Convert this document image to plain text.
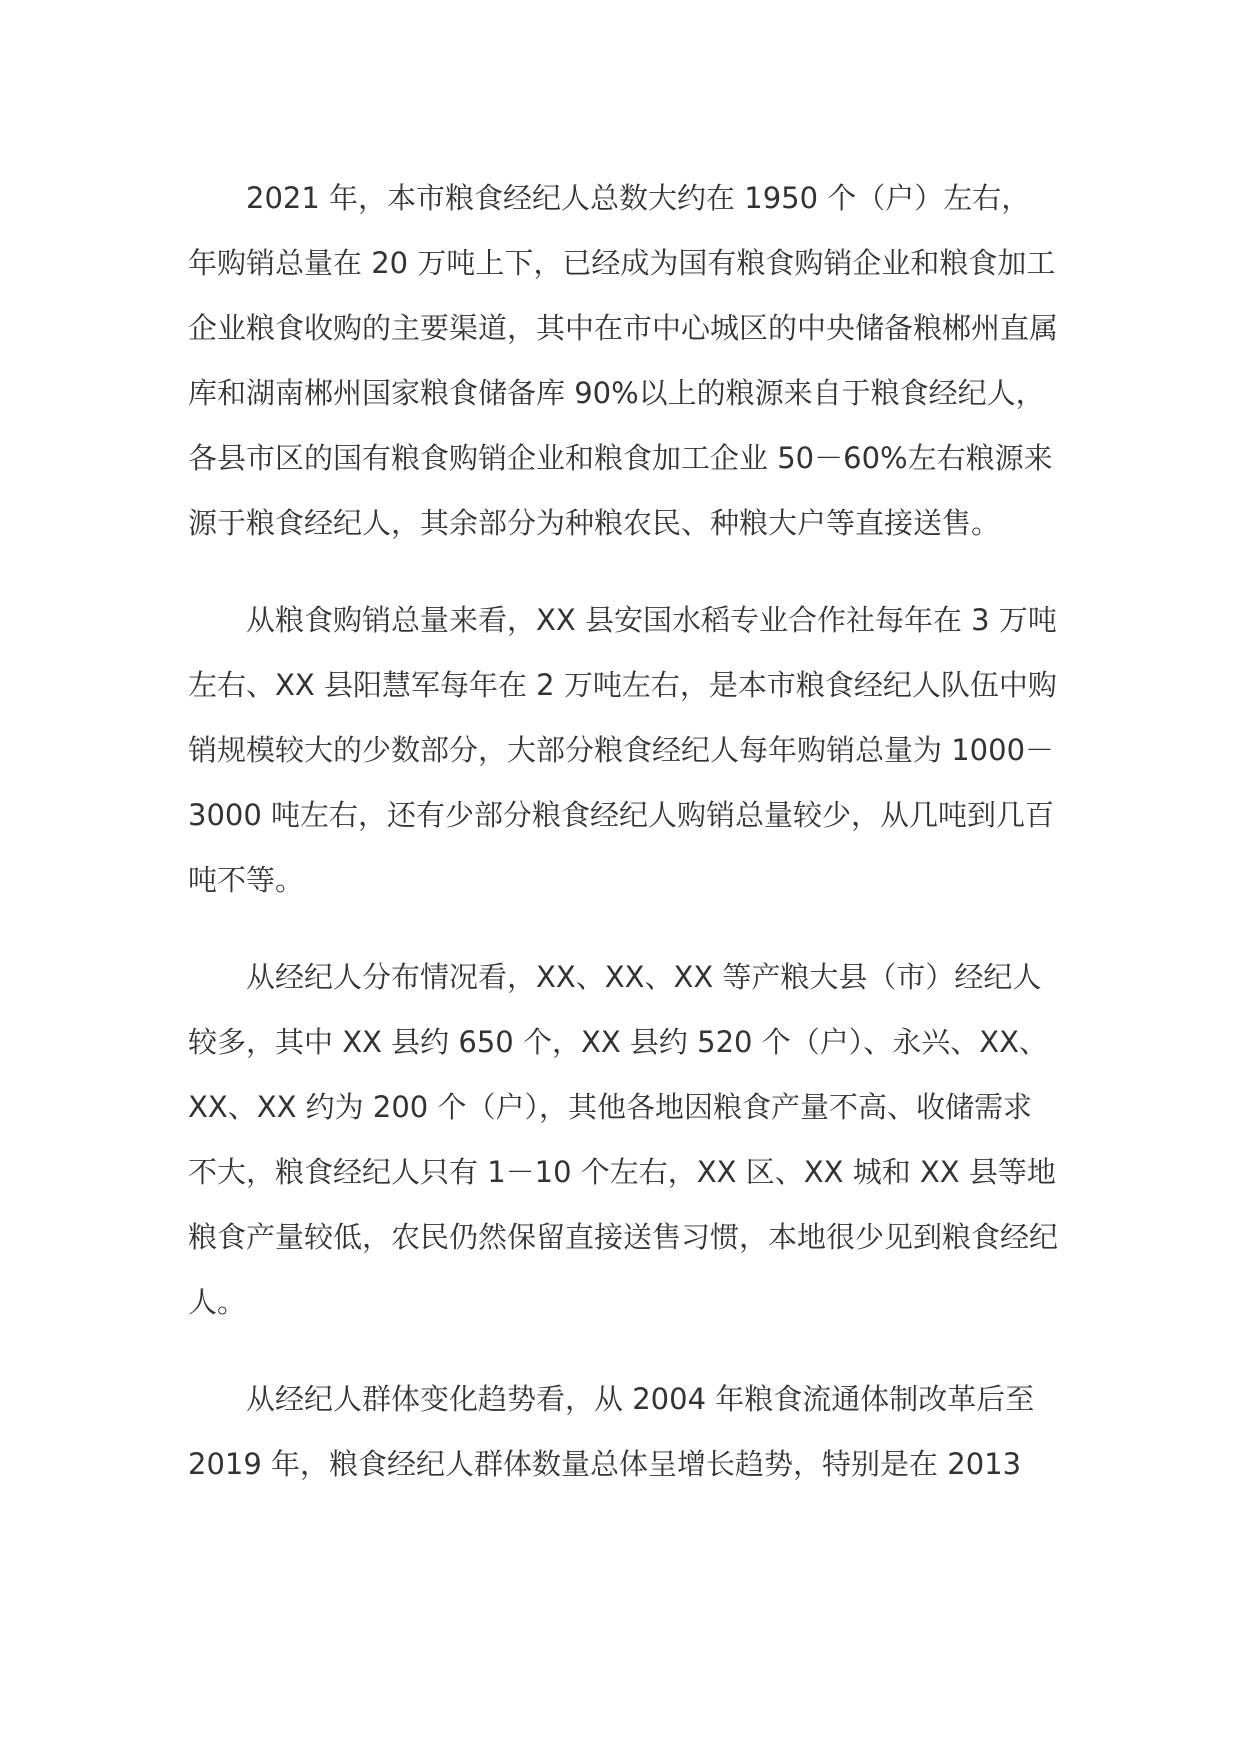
2021 年，本市粮食经纪人总数大约在 1950 个（户）左右，年购销总量在 20 万吨上下，已经成为国有粮食购销企业和粮食加工企业粮食收购的主要渠道，其中在市中心城区的中央储备粮郴州直属库和湖南郴州国家粮食储备库 90%以上的粮源来自于粮食经纪人，各县市区的国有粮食购销企业和粮食加工企业 50－60%左右粮源来源于粮食经纪人，其余部分为种粮农民、种粮大户等直接送售。

从粮食购销总量来看，XX 县安国水稻专业合作社每年在 3 万吨左右、XX 县阳慧军每年在 2 万吨左右，是本市粮食经纪人队伍中购销规模较大的少数部分，大部分粮食经纪人每年购销总量为 1000－3000 吨左右，还有少部分粮食经纪人购销总量较少，从几吨到几百吨不等。

从经纪人分布情况看，XX、XX、XX 等产粮大县（市）经纪人较多，其中 XX 县约 650 个，XX 县约 520 个（户）、永兴、XX、XX、XX 约为 200 个（户），其他各地因粮食产量不高、收储需求不大，粮食经纪人只有 1－10 个左右，XX 区、XX 城和 XX 县等地粮食产量较低，农民仍然保留直接送售习惯，本地很少见到粮食经纪人。

从经纪人群体变化趋势看，从 2004 年粮食流通体制改革后至 2019 年，粮食经纪人群体数量总体呈增长趋势，特别是在 2013
